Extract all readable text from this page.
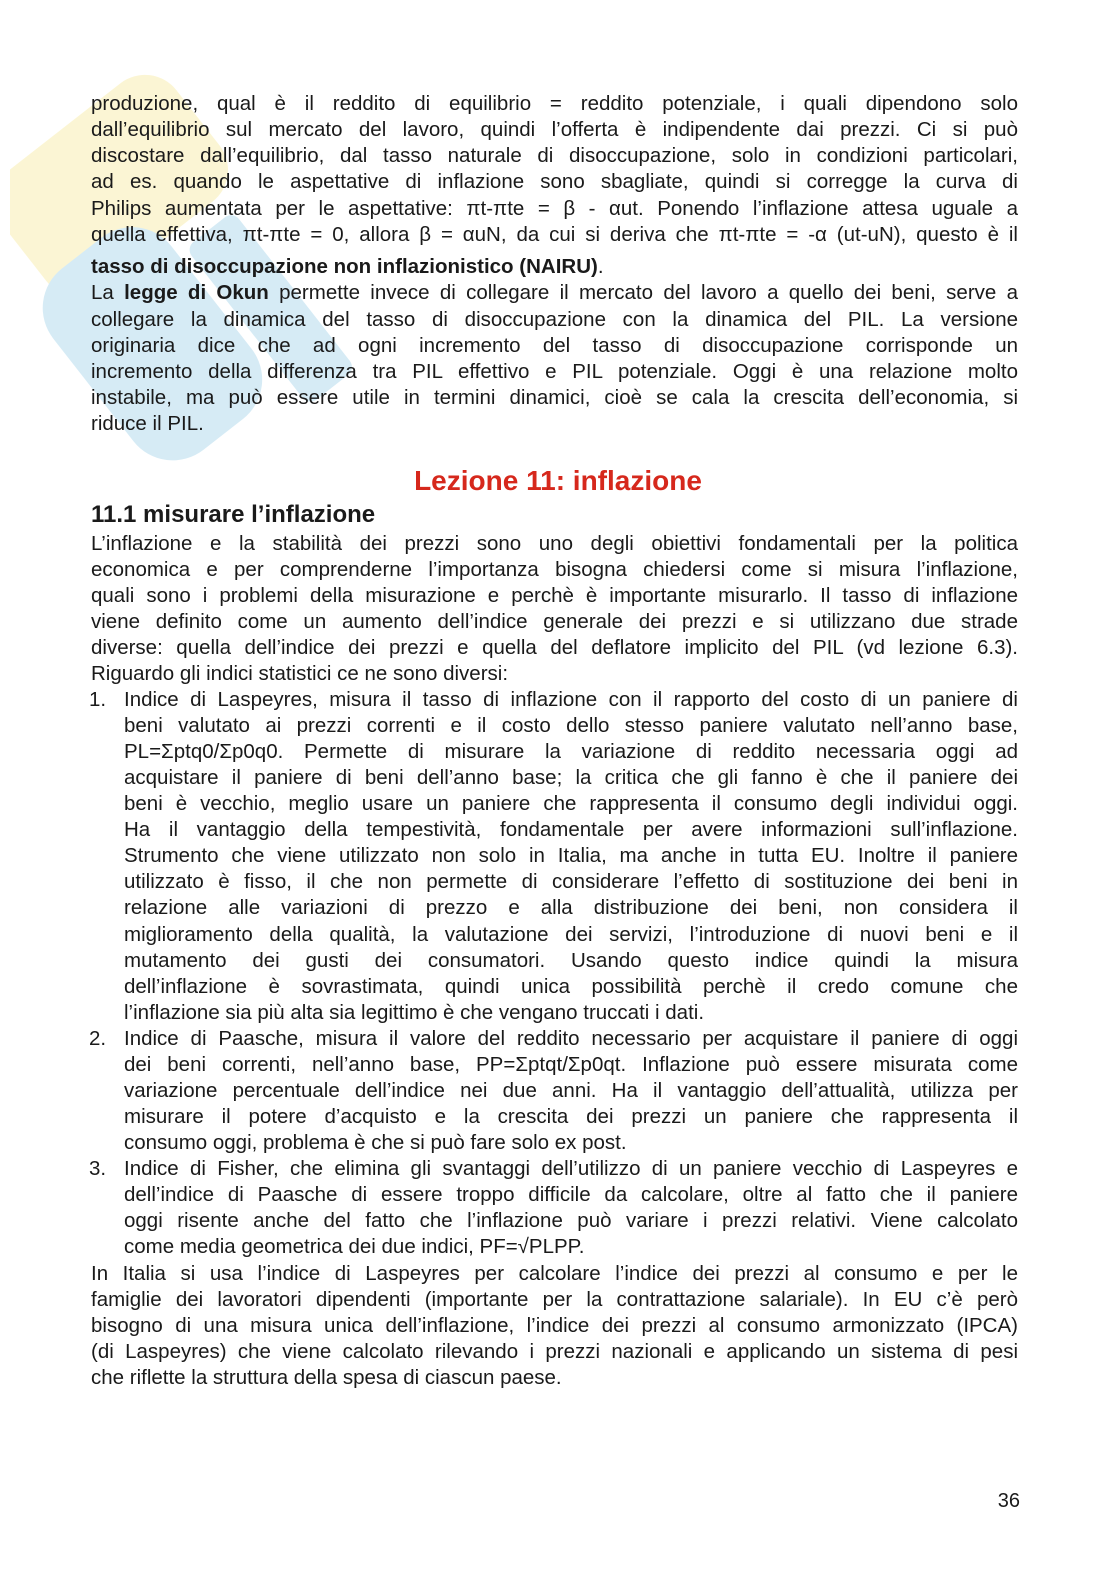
produzione, qual è il reddito di equilibrio = reddito potenziale, i quali dipendono solo
dall’equilibrio sul mercato del lavoro, quindi l’offerta è indipendente dai prezzi. Ci si può
discostare dall’equilibrio, dal tasso naturale di disoccupazione, solo in condizioni particolari,
ad es. quando le aspettative di inflazione sono sbagliate, quindi si corregge la curva di
Philips aumentata per le aspettative: πt-πte = β - αut. Ponendo l’inflazione attesa uguale a
quella effettiva, πt-πte = 0, allora β = αuN, da cui si deriva che πt-πte = -α (ut-uN), questo è il
tasso di disoccupazione non inflazionistico (NAIRU).
La legge di Okun permette invece di collegare il mercato del lavoro a quello dei beni, serve a
collegare la dinamica del tasso di disoccupazione con la dinamica del PIL. La versione
originaria dice che ad ogni incremento del tasso di disoccupazione corrisponde un
incremento della differenza tra PIL effettivo e PIL potenziale. Oggi è una relazione molto
instabile, ma può essere utile in termini dinamici, cioè se cala la crescita dell’economia, si
riduce il PIL.
Lezione 11: inflazione
11.1 misurare l’inflazione
L’inflazione e la stabilità dei prezzi sono uno degli obiettivi fondamentali per la politica
economica e per comprenderne l’importanza bisogna chiedersi come si misura l’inflazione,
quali sono i problemi della misurazione e perchè è importante misurarlo. Il tasso di inflazione
viene definito come un aumento dell’indice generale dei prezzi e si utilizzano due strade
diverse: quella dell’indice dei prezzi e quella del deflatore implicito del PIL (vd lezione 6.3).
Riguardo gli indici statistici ce ne sono diversi:
1. Indice di Laspeyres, misura il tasso di inflazione con il rapporto del costo di un paniere di
beni valutato ai prezzi correnti e il costo dello stesso paniere valutato nell’anno base,
PL=Σptq0/Σp0q0. Permette di misurare la variazione di reddito necessaria oggi ad
acquistare il paniere di beni dell’anno base; la critica che gli fanno è che il paniere dei
beni è vecchio, meglio usare un paniere che rappresenta il consumo degli individui oggi.
Ha il vantaggio della tempestività, fondamentale per avere informazioni sull’inflazione.
Strumento che viene utilizzato non solo in Italia, ma anche in tutta EU. Inoltre il paniere
utilizzato è fisso, il che non permette di considerare l’effetto di sostituzione dei beni in
relazione alle variazioni di prezzo e alla distribuzione dei beni, non considera il
miglioramento della qualità, la valutazione dei servizi, l’introduzione di nuovi beni e il
mutamento dei gusti dei consumatori. Usando questo indice quindi la misura
dell’inflazione è sovrastimata, quindi unica possibilità perchè il credo comune che
l’inflazione sia più alta sia legittimo è che vengano truccati i dati.
2. Indice di Paasche, misura il valore del reddito necessario per acquistare il paniere di oggi
dei beni correnti, nell’anno base, PP=Σptqt/Σp0qt. Inflazione può essere misurata come
variazione percentuale dell’indice nei due anni. Ha il vantaggio dell’attualità, utilizza per
misurare il potere d’acquisto e la crescita dei prezzi un paniere che rappresenta il
consumo oggi, problema è che si può fare solo ex post.
3. Indice di Fisher, che elimina gli svantaggi dell’utilizzo di un paniere vecchio di Laspeyres e
dell’indice di Paasche di essere troppo difficile da calcolare, oltre al fatto che il paniere
oggi risente anche del fatto che l’inflazione può variare i prezzi relativi. Viene calcolato
come media geometrica dei due indici, PF=√PLPP.
In Italia si usa l’indice di Laspeyres per calcolare l’indice dei prezzi al consumo e per le
famiglie dei lavoratori dipendenti (importante per la contrattazione salariale). In EU c’è però
bisogno di una misura unica dell’inflazione, l’indice dei prezzi al consumo armonizzato (IPCA)
(di Laspeyres) che viene calcolato rilevando i prezzi nazionali e applicando un sistema di pesi
che riflette la struttura della spesa di ciascun paese.
36
